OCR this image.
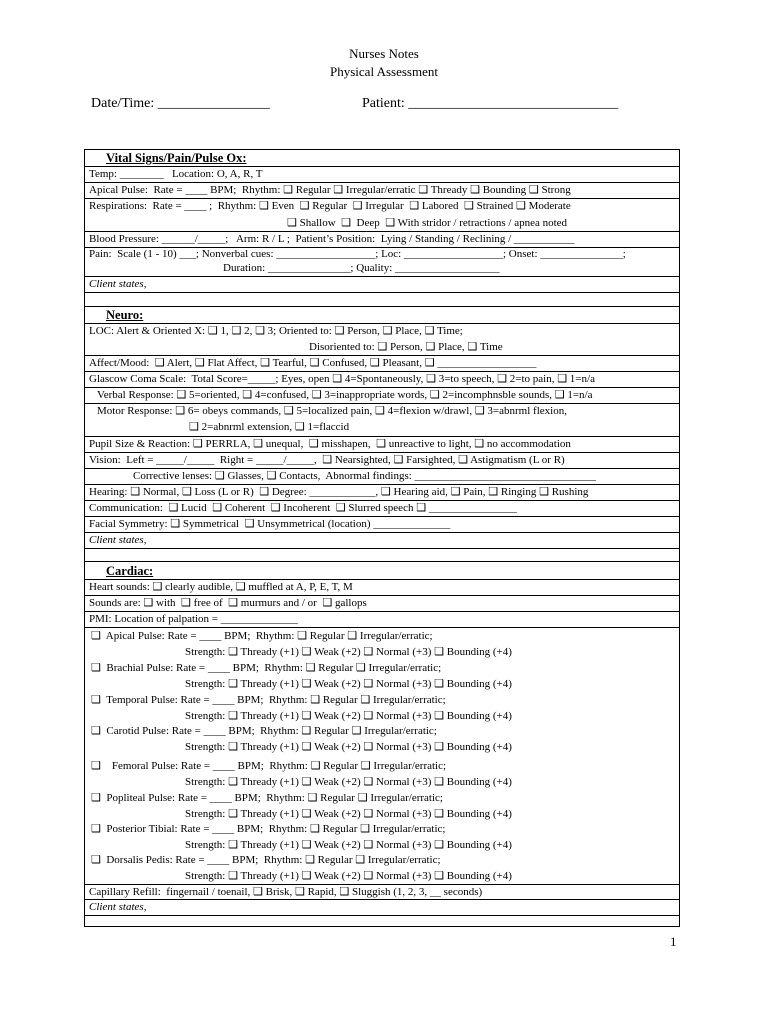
Nurses Notes
Physical Assessment
Date/Time: ________________	Patient: ______________________________
Vital Signs/Pain/Pulse Ox:
Temp: ________   Location: O, A, R, T
Apical Pulse:  Rate = ____ BPM;  Rhythm: ❑ Regular ❑ Irregular/erratic ❑ Thready ❑ Bounding ❑ Strong
Respirations:  Rate = ____ ;  Rhythm: ❑ Even  ❑ Regular  ❑ Irregular  ❑ Labored  ❑ Strained ❑ Moderate
❑ Shallow  ❑  Deep  ❑ With stridor / retractions / apnea noted
Blood Pressure: ______/_____;   Arm: R / L ;  Patient’s Position:  Lying / Standing / Reclining / ___________
Pain:  Scale (1 - 10) ___; Nonverbal cues: __________________; Loc: __________________; Onset: _______________;
Duration: _______________; Quality: ___________________
Client states,
Neuro:
LOC: Alert & Oriented X: ❑ 1, ❑ 2, ❑ 3; Oriented to: ❑ Person, ❑ Place, ❑ Time;
Disoriented to: ❑ Person, ❑ Place, ❑ Time
Affect/Mood:  ❑ Alert, ❑ Flat Affect, ❑ Tearful, ❑ Confused, ❑ Pleasant, ❑ __________________
Glascow Coma Scale:  Total Score=_____; Eyes, open ❑ 4=Spontaneously, ❑ 3=to speech, ❑ 2=to pain, ❑ 1=n/a
Verbal Response: ❑ 5=oriented, ❑ 4=confused, ❑ 3=inappropriate words, ❑ 2=incomphnsble sounds, ❑ 1=n/a
Motor Response: ❑ 6= obeys commands, ❑ 5=localized pain, ❑ 4=flexion w/drawl, ❑ 3=abnrml flexion,
❑ 2=abnrml extension, ❑ 1=flaccid
Pupil Size & Reaction: ❑ PERRLA, ❑ unequal,  ❑ misshapen,  ❑ unreactive to light, ❑ no accommodation
Vision:  Left = _____/_____  Right = _____/_____,  ❑ Nearsighted, ❑ Farsighted, ❑ Astigmatism (L or R)
Corrective lenses: ❑ Glasses, ❑ Contacts,  Abnormal findings: _________________________________
Hearing: ❑ Normal, ❑ Loss (L or R)  ❑ Degree: ____________, ❑ Hearing aid, ❑ Pain, ❑ Ringing ❑ Rushing
Communication:  ❑ Lucid  ❑ Coherent  ❑ Incoherent  ❑ Slurred speech ❑ ________________
Facial Symmetry: ❑ Symmetrical  ❑ Unsymmetrical (location) ______________
Client states,
Cardiac:
Heart sounds: ❑ clearly audible, ❑ muffled at A, P, E, T, M
Sounds are: ❑ with  ❑ free of  ❑ murmurs and / or  ❑ gallops
PMI: Location of palpation = ______________
❑  Apical Pulse: Rate = ____ BPM;  Rhythm: ❑ Regular ❑ Irregular/erratic;
Strength: ❑ Thready (+1) ❑ Weak (+2) ❑ Normal (+3) ❑ Bounding (+4)
❑  Brachial Pulse: Rate = ____ BPM;  Rhythm: ❑ Regular ❑ Irregular/erratic;
Strength: ❑ Thready (+1) ❑ Weak (+2) ❑ Normal (+3) ❑ Bounding (+4)
❑  Temporal Pulse: Rate = ____ BPM;  Rhythm: ❑ Regular ❑ Irregular/erratic;
Strength: ❑ Thready (+1) ❑ Weak (+2) ❑ Normal (+3) ❑ Bounding (+4)
❑  Carotid Pulse: Rate = ____ BPM;  Rhythm: ❑ Regular ❑ Irregular/erratic;
Strength: ❑ Thready (+1) ❑ Weak (+2) ❑ Normal (+3) ❑ Bounding (+4)
❑    Femoral Pulse: Rate = ____ BPM;  Rhythm: ❑ Regular ❑ Irregular/erratic;
Strength: ❑ Thready (+1) ❑ Weak (+2) ❑ Normal (+3) ❑ Bounding (+4)
❑  Popliteal Pulse: Rate = ____ BPM;  Rhythm: ❑ Regular ❑ Irregular/erratic;
Strength: ❑ Thready (+1) ❑ Weak (+2) ❑ Normal (+3) ❑ Bounding (+4)
❑  Posterior Tibial: Rate = ____ BPM;  Rhythm: ❑ Regular ❑ Irregular/erratic;
Strength: ❑ Thready (+1) ❑ Weak (+2) ❑ Normal (+3) ❑ Bounding (+4)
❑  Dorsalis Pedis: Rate = ____ BPM;  Rhythm: ❑ Regular ❑ Irregular/erratic;
Strength: ❑ Thready (+1) ❑ Weak (+2) ❑ Normal (+3) ❑ Bounding (+4)
Capillary Refill:  fingernail / toenail, ❑ Brisk, ❑ Rapid, ❑ Sluggish (1, 2, 3, __ seconds)
Client states,
1
